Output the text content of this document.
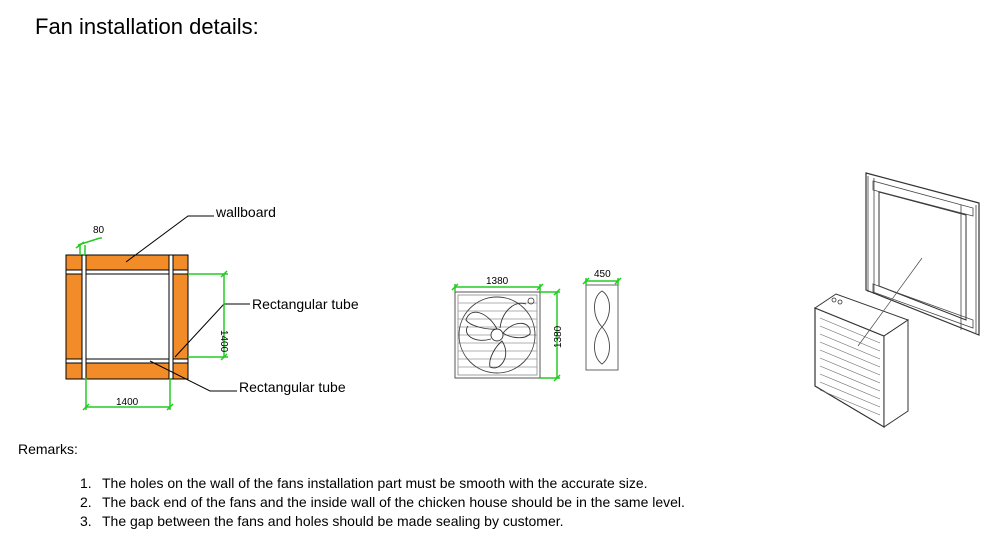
Fan installation details:
wallboard
Rectangular tube
Rectangular tube
80
1400
1400
1380
1380
450
Remarks:
1. The holes on the wall of the fans installation part must be smooth with the accurate size.
2. The back end of the fans and the inside wall of the chicken house should be in the same level.
3. The gap between the fans and holes should be made sealing by customer.
